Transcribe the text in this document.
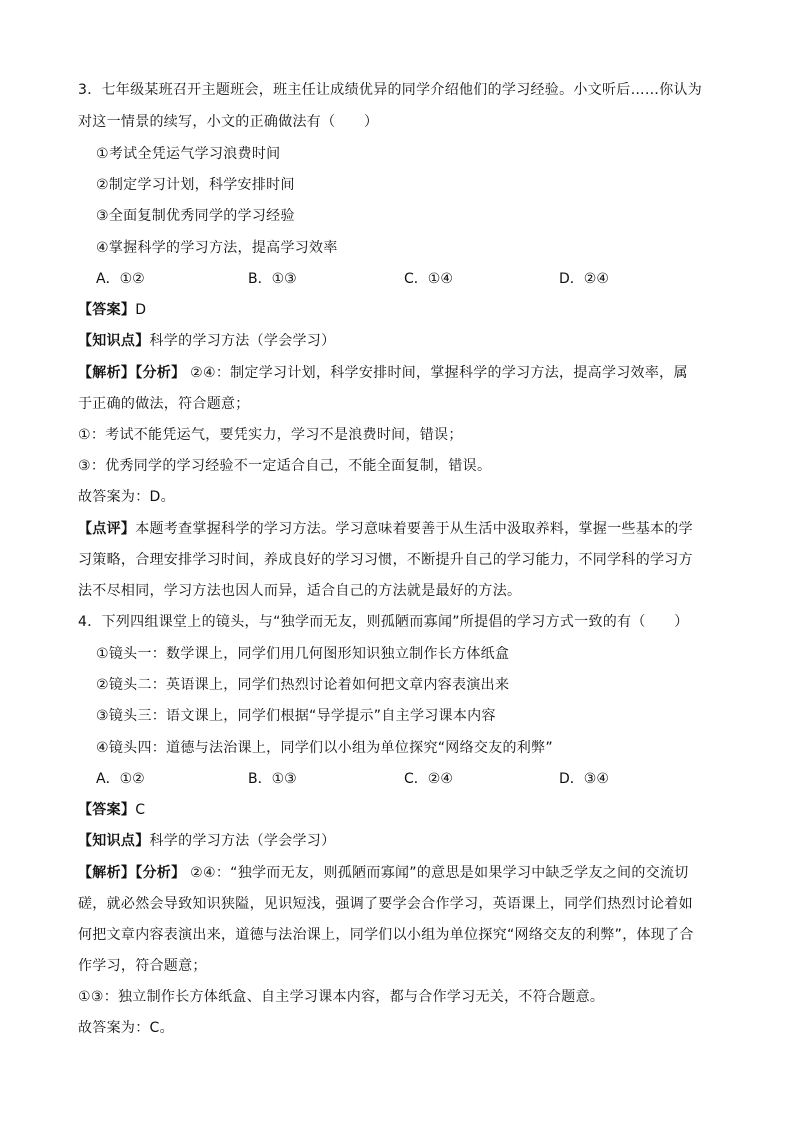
3．七年级某班召开主题班会，班主任让成绩优异的同学介绍他们的学习经验。小文听后……你认为
对这一情景的续写，小文的正确做法有（　　）
①考试全凭运气学习浪费时间
②制定学习计划，科学安排时间
③全面复制优秀同学的学习经验
④掌握科学的学习方法，提高学习效率
A．①②	B．①③	C．①④	D．②④
【答案】D
【知识点】科学的学习方法（学会学习）
【解析】【分析】 ②④：制定学习计划，科学安排时间，掌握科学的学习方法，提高学习效率，属
于正确的做法，符合题意；
①：考试不能凭运气，要凭实力，学习不是浪费时间，错误；
③：优秀同学的学习经验不一定适合自己，不能全面复制，错误。
故答案为：D。
【点评】本题考查掌握科学的学习方法。学习意味着要善于从生活中汲取养料，掌握一些基本的学
习策略，合理安排学习时间，养成良好的学习习惯，不断提升自己的学习能力，不同学科的学习方
法不尽相同，学习方法也因人而异，适合自己的方法就是最好的方法。
4．下列四组课堂上的镜头，与“独学而无友，则孤陋而寡闻”所提倡的学习方式一致的有（　　）
①镜头一：数学课上，同学们用几何图形知识独立制作长方体纸盒
②镜头二：英语课上，同学们热烈讨论着如何把文章内容表演出来
③镜头三：语文课上，同学们根据“导学提示”自主学习课本内容
④镜头四：道德与法治课上，同学们以小组为单位探究“网络交友的利弊”
A．①②	B．①③	C．②④	D．③④
【答案】C
【知识点】科学的学习方法（学会学习）
【解析】【分析】 ②④：“独学而无友，则孤陋而寡闻”的意思是如果学习中缺乏学友之间的交流切
磋，就必然会导致知识狭隘，见识短浅，强调了要学会合作学习，英语课上，同学们热烈讨论着如
何把文章内容表演出来，道德与法治课上，同学们以小组为单位探究“网络交友的利弊”，体现了合
作学习，符合题意；
①③：独立制作长方体纸盒、自主学习课本内容，都与合作学习无关，不符合题意。
故答案为：C。
